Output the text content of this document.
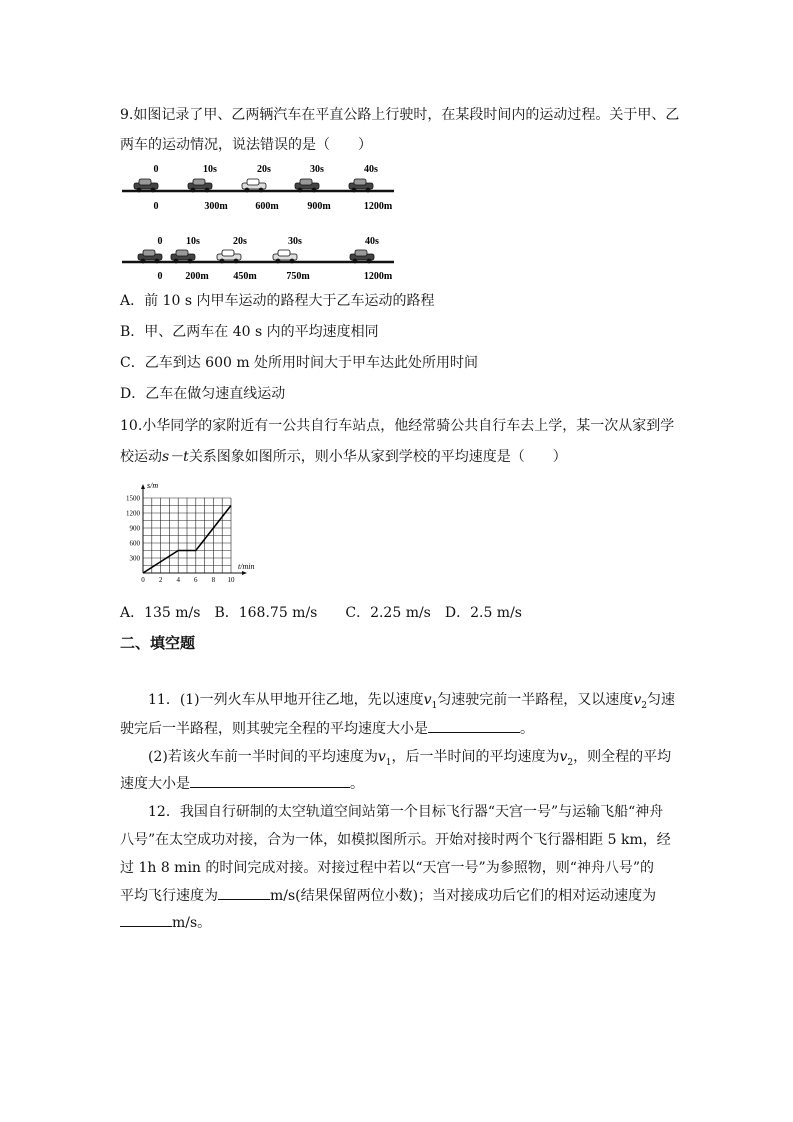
9.如图记录了甲、乙两辆汽车在平直公路上行驶时，在某段时间内的运动过程。关于甲、乙
两车的运动情况，说法错误的是（　　）
0	10s	20s	30s	40s
0	300m	600m	900m	1200m
0 10s	20s	30s	40s
0 200m 450m	750m	1200m
A．前 10 s 内甲车运动的路程大于乙车运动的路程
B．甲、乙两车在 40 s 内的平均速度相同
C．乙车到达 600 m 处所用时间大于甲车达此处所用时间
D．乙车在做匀速直线运动
10.小华同学的家附近有一公共自行车站点，他经常骑公共自行车去上学，某一次从家到学
校运动s－t关系图象如图所示，则小华从家到学校的平均速度是（　　）
s/m
t/min
0 2 4 6 8 10
300
600
900
1200
1500
A．135 m/s　B．168.75 m/s　　C．2.25 m/s　D．2.5 m/s
二、填空题
11．(1)一列火车从甲地开往乙地，先以速度$v_1$匀速驶完前一半路程，又以速度$v_2$匀速
驶完后一半路程，则其驶完全程的平均速度大小是	。
(2)若该火车前一半时间的平均速度为$v_1$，后一半时间的平均速度为$v_2$，则全程的平均
速度大小是	。
12．我国自行研制的太空轨道空间站第一个目标飞行器“天宫一号”与运输飞船“神舟
八号”在太空成功对接，合为一体，如模拟图所示。开始对接时两个飞行器相距 5 km，经
过 1h 8 min 的时间完成对接。对接过程中若以“天宫一号”为参照物，则“神舟八号”的
平均飞行速度为	m/s(结果保留两位小数)；当对接成功后它们的相对运动速度为
m/s。
